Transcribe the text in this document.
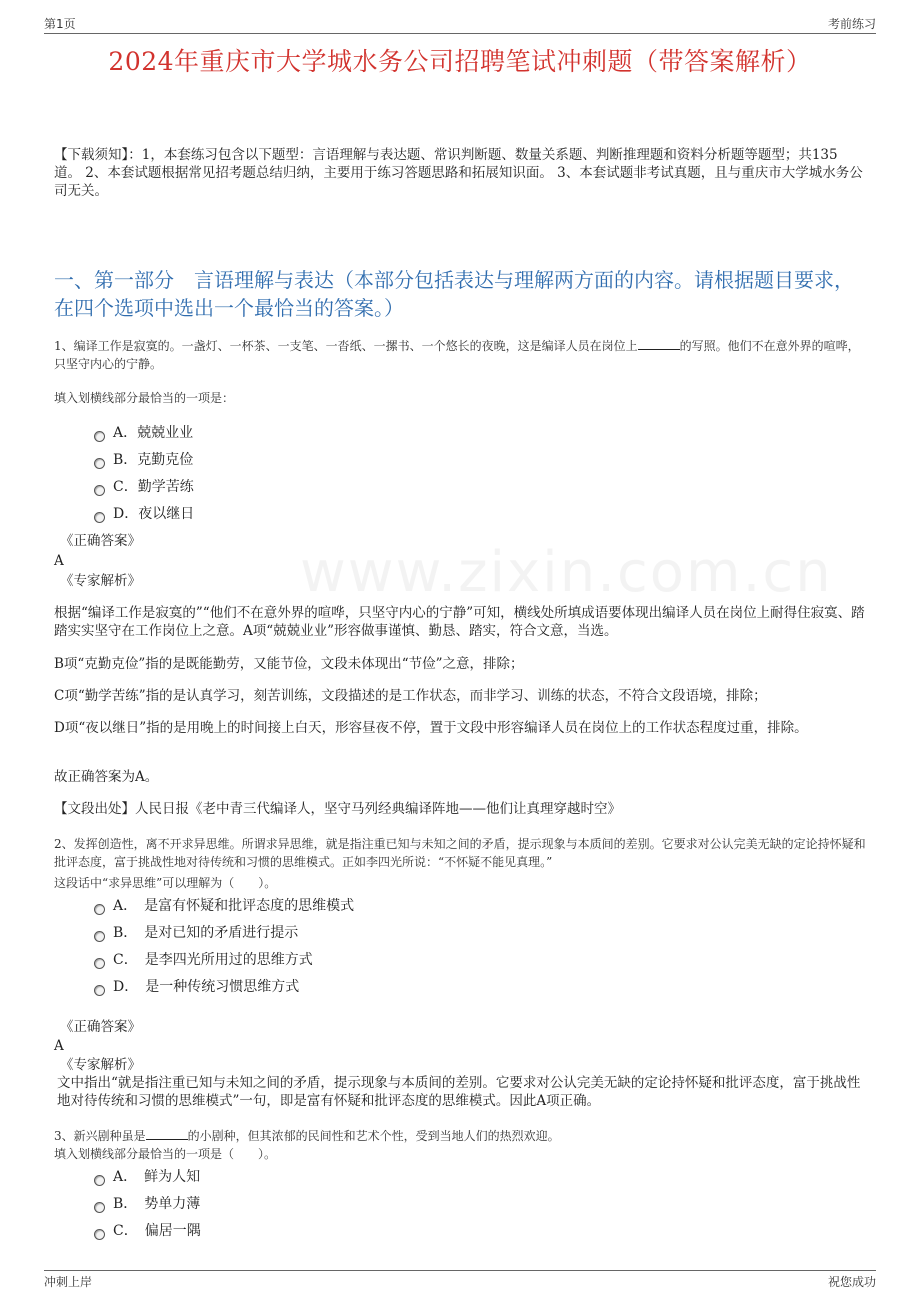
第1页	考前练习
www.zixin.com.cn
2024年重庆市大学城水务公司招聘笔试冲刺题（带答案解析）
【下载须知】：1，本套练习包含以下题型：言语理解与表达题、常识判断题、数量关系题、判断推理题和资料分析题等题型；共135道。 2、本套试题根据常见招考题总结归纳，主要用于练习答题思路和拓展知识面。 3、本套试题非考试真题，且与重庆市大学城水务公司无关。
一、第一部分　言语理解与表达（本部分包括表达与理解两方面的内容。请根据题目要求，在四个选项中选出一个最恰当的答案。）
1、编译工作是寂寞的。一盏灯、一杯茶、一支笔、一沓纸、一摞书、一个悠长的夜晚，这是编译人员在岗位上	的写照。他们不在意外界的喧哗，只坚守内心的宁静。
填入划横线部分最恰当的一项是：
A．兢兢业业
B．克勤克俭
C．勤学苦练
D．夜以继日
《正确答案》
A
《专家解析》
根据“编译工作是寂寞的”“他们不在意外界的喧哗，只坚守内心的宁静”可知，横线处所填成语要体现出编译人员在岗位上耐得住寂寞、踏踏实实坚守在工作岗位上之意。A项“兢兢业业”形容做事谨慎、勤恳、踏实，符合文意，当选。
B项“克勤克俭”指的是既能勤劳，又能节俭，文段未体现出“节俭”之意，排除；
C项“勤学苦练”指的是认真学习，刻苦训练，文段描述的是工作状态，而非学习、训练的状态，不符合文段语境，排除；
D项“夜以继日”指的是用晚上的时间接上白天，形容昼夜不停，置于文段中形容编译人员在岗位上的工作状态程度过重，排除。
故正确答案为A。
【文段出处】人民日报《老中青三代编译人，坚守马列经典编译阵地——他们让真理穿越时空》
2、发挥创造性，离不开求异思维。所谓求异思维，就是指注重已知与未知之间的矛盾，提示现象与本质间的差别。它要求对公认完美无缺的定论持怀疑和批评态度，富于挑战性地对待传统和习惯的思维模式。正如李四光所说：“不怀疑不能见真理。”
这段话中“求异思维”可以理解为（　　）。
A．　是富有怀疑和批评态度的思维模式
B．　是对已知的矛盾进行提示
C．　是李四光所用过的思维方式
D．　是一种传统习惯思维方式
《正确答案》
A
《专家解析》
文中指出“就是指注重已知与未知之间的矛盾，提示现象与本质间的差别。它要求对公认完美无缺的定论持怀疑和批评态度，富于挑战性地对待传统和习惯的思维模式”一句，即是富有怀疑和批评态度的思维模式。因此A项正确。
3、新兴剧种虽是	的小剧种，但其浓郁的民间性和艺术个性，受到当地人们的热烈欢迎。
填入划横线部分最恰当的一项是（　　）。
A．　鲜为人知
B．　势单力薄
C．　偏居一隅
冲刺上岸	祝您成功
